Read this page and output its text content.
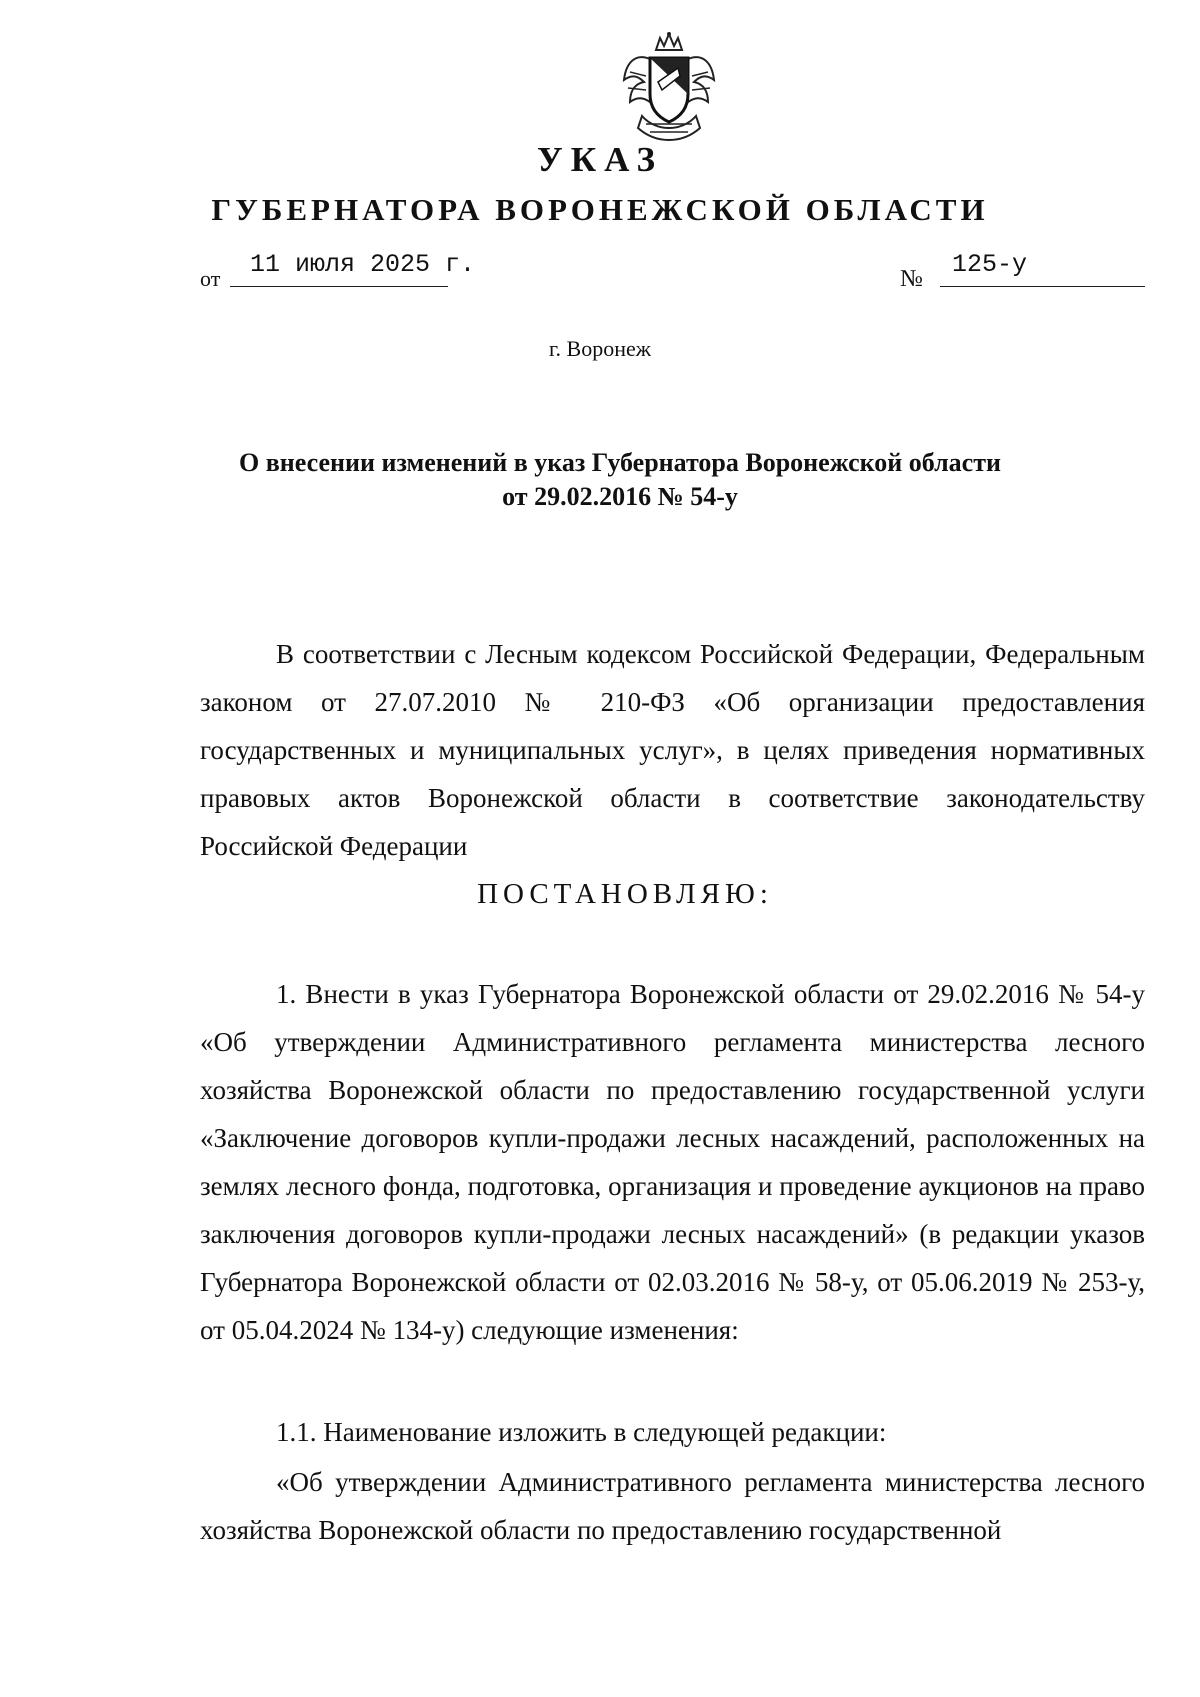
УКАЗ
ГУБЕРНАТОРА ВОРОНЕЖСКОЙ ОБЛАСТИ
от 11 июля 2025 г.	№ 125-у
г. Воронеж
О внесении изменений в указ Губернатора Воронежской области
от 29.02.2016 № 54-у

В соответствии с Лесным кодексом Российской Федерации, Федеральным законом от 27.07.2010 № 210-ФЗ «Об организации предоставления государственных и муниципальных услуг», в целях приведения нормативных правовых актов Воронежской области в соответствие законодательству Российской Федерации

ПОСТАНОВЛЯЮ:

1. Внести в указ Губернатора Воронежской области от 29.02.2016 № 54-у «Об утверждении Административного регламента министерства лесного хозяйства Воронежской области по предоставлению государственной услуги «Заключение договоров купли-продажи лесных насаждений, расположенных на землях лесного фонда, подготовка, организация и проведение аукционов на право заключения договоров купли-продажи лесных насаждений» (в редакции указов Губернатора Воронежской области от 02.03.2016 № 58-у, от 05.06.2019 № 253-у, от 05.04.2024 № 134-у) следующие изменения:

1.1. Наименование изложить в следующей редакции:

«Об утверждении Административного регламента министерства лесного хозяйства Воронежской области по предоставлению государственной
